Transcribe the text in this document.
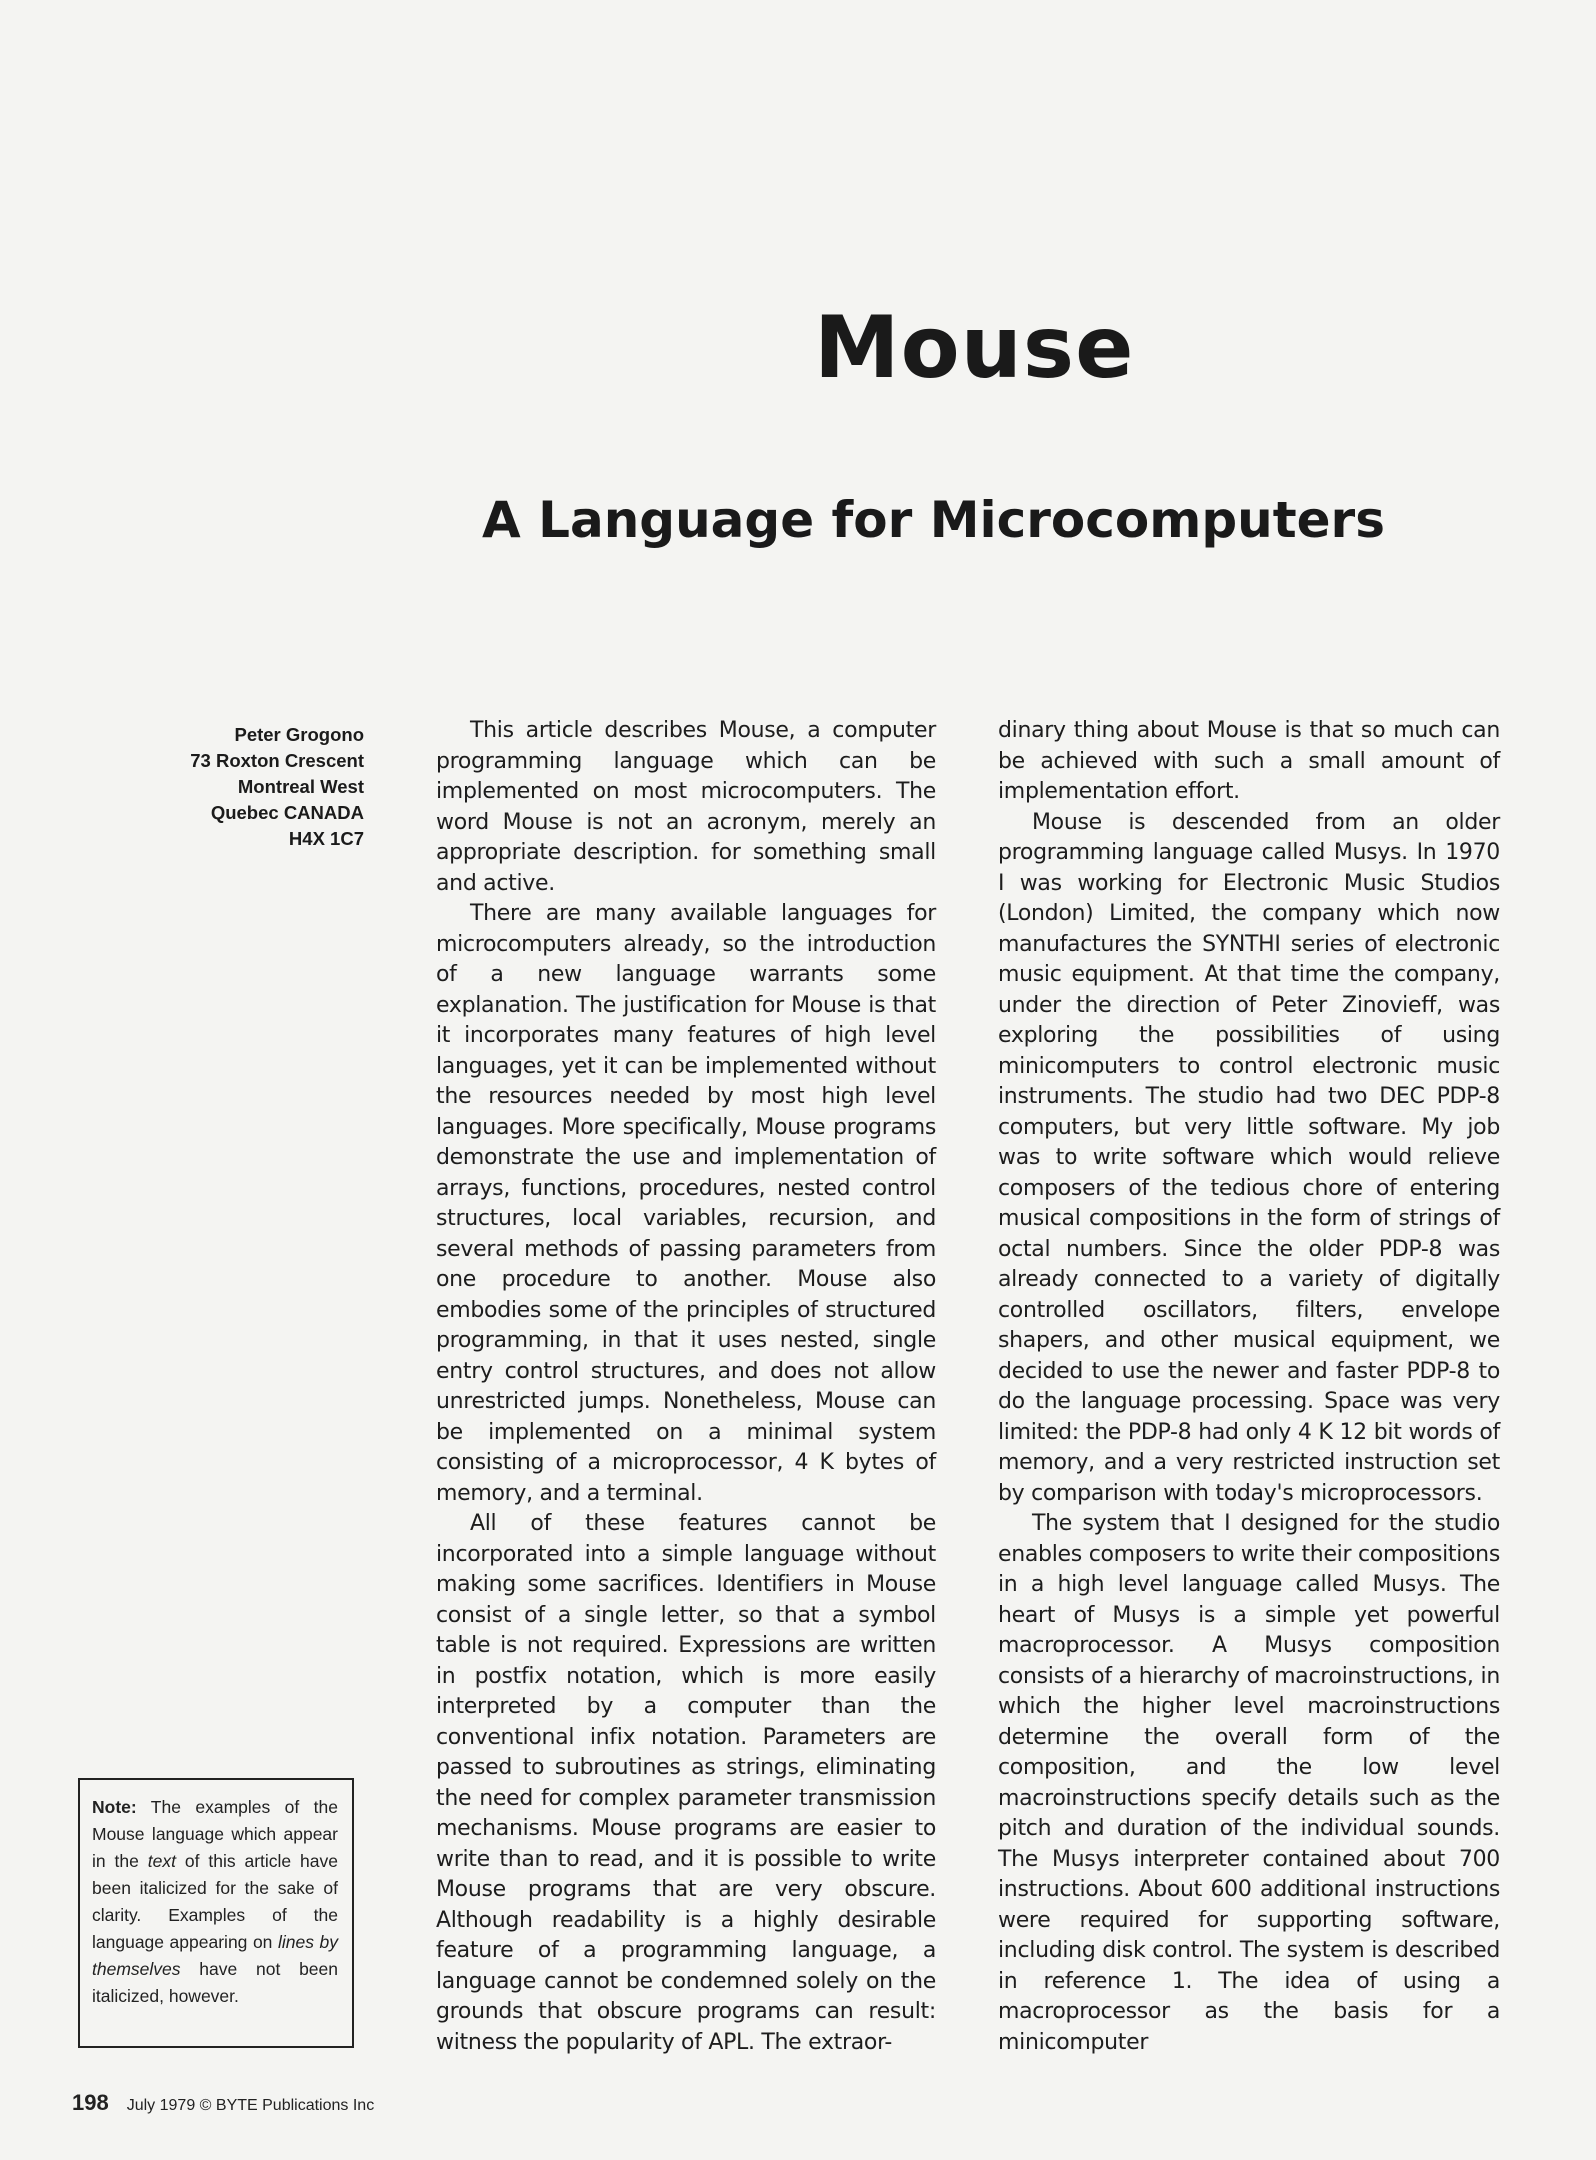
Mouse
A Language for Microcomputers
Peter Grogono
73 Roxton Crescent
Montreal West
Quebec CANADA
H4X 1C7
Note: The examples of the Mouse language which appear in the text of this article have been italicized for the sake of clarity. Examples of the language appearing on lines by themselves have not been italicized, however.

This article describes Mouse, a computer programming language which can be implemented on most microcomputers. The word Mouse is not an acronym, merely an appropriate description. for something small and active.

There are many available languages for microcomputers already, so the introduction of a new language warrants some explanation. The justification for Mouse is that it incorporates many features of high level languages, yet it can be implemented without the resources needed by most high level languages. More specifically, Mouse programs demonstrate the use and implementation of arrays, functions, procedures, nested control structures, local variables, recursion, and several methods of passing parameters from one procedure to another. Mouse also embodies some of the principles of structured programming, in that it uses nested, single entry control structures, and does not allow unrestricted jumps. Nonetheless, Mouse can be implemented on a minimal system consisting of a microprocessor, 4 K bytes of memory, and a terminal.

All of these features cannot be incorporated into a simple language without making some sacrifices. Identifiers in Mouse consist of a single letter, so that a symbol table is not required. Expressions are written in postfix notation, which is more easily interpreted by a computer than the conventional infix notation. Parameters are passed to subroutines as strings, eliminating the need for complex parameter transmission mechanisms. Mouse programs are easier to write than to read, and it is possible to write Mouse programs that are very obscure. Although readability is a highly desirable feature of a programming language, a language cannot be condemned solely on the grounds that obscure programs can result: witness the popularity of APL. The extraor-

dinary thing about Mouse is that so much can be achieved with such a small amount of implementation effort.

Mouse is descended from an older programming language called Musys. In 1970 I was working for Electronic Music Studios (London) Limited, the company which now manufactures the SYNTHI series of electronic music equipment. At that time the company, under the direction of Peter Zinovieff, was exploring the possibilities of using minicomputers to control electronic music instruments. The studio had two DEC PDP-8 computers, but very little software. My job was to write software which would relieve composers of the tedious chore of entering musical compositions in the form of strings of octal numbers. Since the older PDP-8 was already connected to a variety of digitally controlled oscillators, filters, envelope shapers, and other musical equipment, we decided to use the newer and faster PDP-8 to do the language processing. Space was very limited: the PDP-8 had only 4 K 12 bit words of memory, and a very restricted instruction set by comparison with today's microprocessors.

The system that I designed for the studio enables composers to write their compositions in a high level language called Musys. The heart of Musys is a simple yet powerful macroprocessor. A Musys composition consists of a hierarchy of macroinstructions, in which the higher level macroinstructions determine the overall form of the composition, and the low level macroinstructions specify details such as the pitch and duration of the individual sounds. The Musys interpreter contained about 700 instructions. About 600 additional instructions were required for supporting software, including disk control. The system is described in reference 1. The idea of using a macroprocessor as the basis for a minicomputer

198 July 1979 © BYTE Publications Inc
